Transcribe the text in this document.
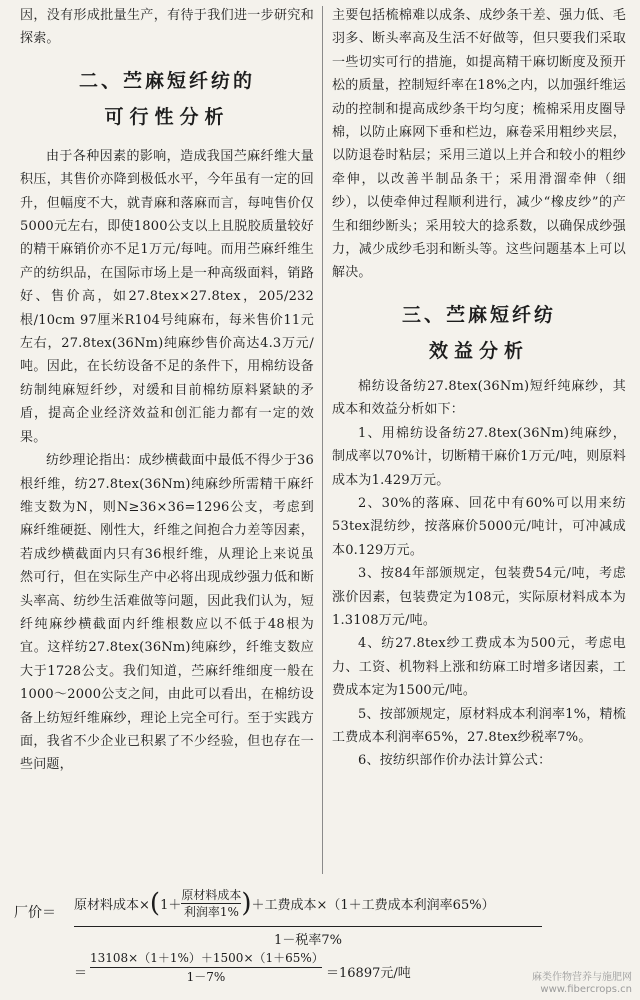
因，没有形成批量生产，有待于我们进一步研究和探索。

二、苎麻短纤纺的
可行性分析

由于各种因素的影响，造成我国苎麻纤维大量积压，其售价亦降到极低水平，今年虽有一定的回升，但幅度不大，就青麻和落麻而言，每吨售价仅5000元左右，即使1800公支以上且脱胶质量较好的精干麻销价亦不足1万元/每吨。而用苎麻纤维生产的纺织品，在国际市场上是一种高级面料，销路好、售价高，如27.8tex×27.8tex，205/232根/10cm 97厘米R104号纯麻布，每米售价11元左右，27.8tex(36Nm)纯麻纱售价高达4.3万元/吨。因此，在长纺设备不足的条件下，用棉纺设备纺制纯麻短纤纱，对缓和目前棉纺原料紧缺的矛盾，提高企业经济效益和创汇能力都有一定的效果。

纺纱理论指出：成纱横截面中最低不得少于36根纤维，纺27.8tex(36Nm)纯麻纱所需精干麻纤维支数为N，则N≥36×36=1296公支，考虑到麻纤维硬挺、刚性大，纤维之间抱合力差等因素，若成纱横截面内只有36根纤维，从理论上来说虽然可行，但在实际生产中必将出现成纱强力低和断头率高、纺纱生活难做等问题，因此我们认为，短纤纯麻纱横截面内纤维根数应以不低于48根为宜。这样纺27.8tex(36Nm)纯麻纱，纤维支数应大于1728公支。我们知道，苎麻纤维细度一般在1000～2000公支之间，由此可以看出，在棉纺设备上纺短纤维麻纱，理论上完全可行。至于实践方面，我省不少企业已积累了不少经验，但也存在一些问题，

主要包括梳棉难以成条、成纱条干差、强力低、毛羽多、断头率高及生活不好做等，但只要我们采取一些切实可行的措施，如提高精干麻切断度及预开松的质量，控制短纤率在18%之内，以加强纤维运动的控制和提高成纱条干均匀度；梳棉采用皮圈导棉，以防止麻网下垂和栏边，麻卷采用粗纱夹层，以防退卷时粘层；采用三道以上并合和较小的粗纱牵伸，以改善半制品条干；采用滑溜牵伸（细纱），以使牵伸过程顺利进行，减少“橡皮纱”的产生和细纱断头；采用较大的捻系数，以确保成纱强力，减少成纱毛羽和断头等。这些问题基本上可以解决。

三、苎麻短纤纺
效益分析

棉纺设备纺27.8tex(36Nm)短纤纯麻纱，其成本和效益分析如下：

1、用棉纺设备纺27.8tex(36Nm)纯麻纱，制成率以70%计，切断精干麻价1万元/吨，则原料成本为1.429万元。

2、30%的落麻、回花中有60%可以用来纺53tex混纺纱，按落麻价5000元/吨计，可冲减成本0.129万元。

3、按84年部颁规定，包装费54元/吨，考虑涨价因素，包装费定为108元，实际原材料成本为1.3108万元/吨。

4、纺27.8tex纱工费成本为500元，考虑电力、工资、机物料上涨和纺麻工时增多诸因素，工费成本定为1500元/吨。

5、按部颁规定，原材料成本利润率1%，精梳工费成本利润率65%，27.8tex纱税率7%。

6、按纺织部作价办法计算公式：

厂价＝ 原材料成本$\times(1+ \frac{\text{原材料成本}}{\text{利润率1\%}}$ )＋工费成本×（1＋工费成本利润率65%）
1－税率7%
＝
13108×（1＋1%）＋1500×（1＋65%）
1－7%	＝16897元/吨	麻类作物营养与施肥网
www.fibercrops.cn
